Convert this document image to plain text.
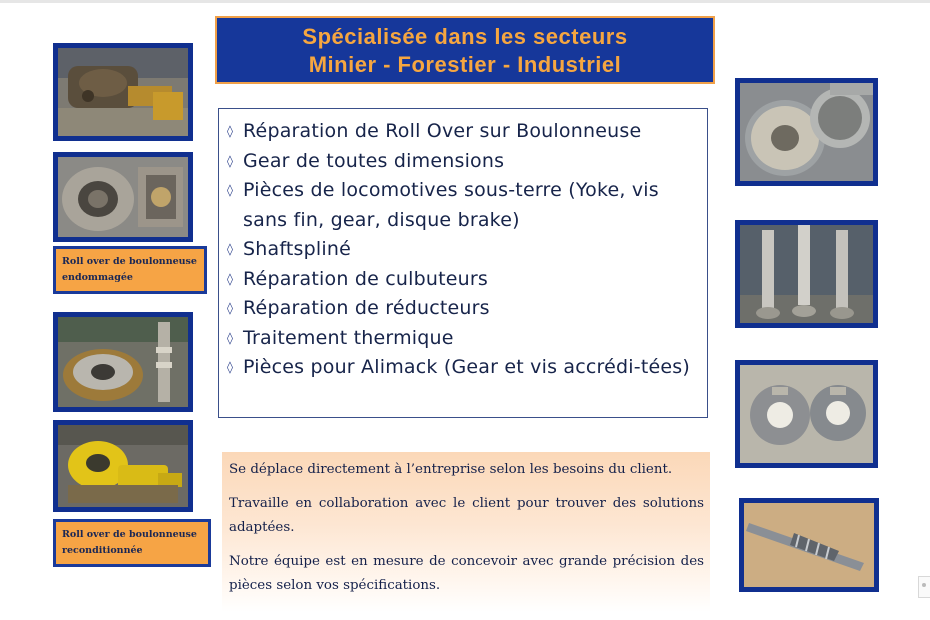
Spécialisée dans les secteurs
Minier - Forestier - Industriel
Roll over de boulonneuse endommagée
Roll over de boulonneuse reconditionnée
◊ Réparation de Roll Over sur Boulonneuse
◊ Gear de toutes dimensions
◊ Pièces de locomotives sous-terre (Yoke, vis sans fin, gear, disque brake)
◊ Shaftspliné
◊ Réparation de culbuteurs
◊ Réparation de réducteurs
◊ Traitement thermique
◊ Pièces pour Alimack (Gear et vis accrédi-tées)

Se déplace directement à l’entreprise selon les besoins du client.

Travaille en collaboration avec le client pour trouver des solutions adaptées.

Notre équipe est en mesure de concevoir avec grande précision des pièces selon vos spécifications.
